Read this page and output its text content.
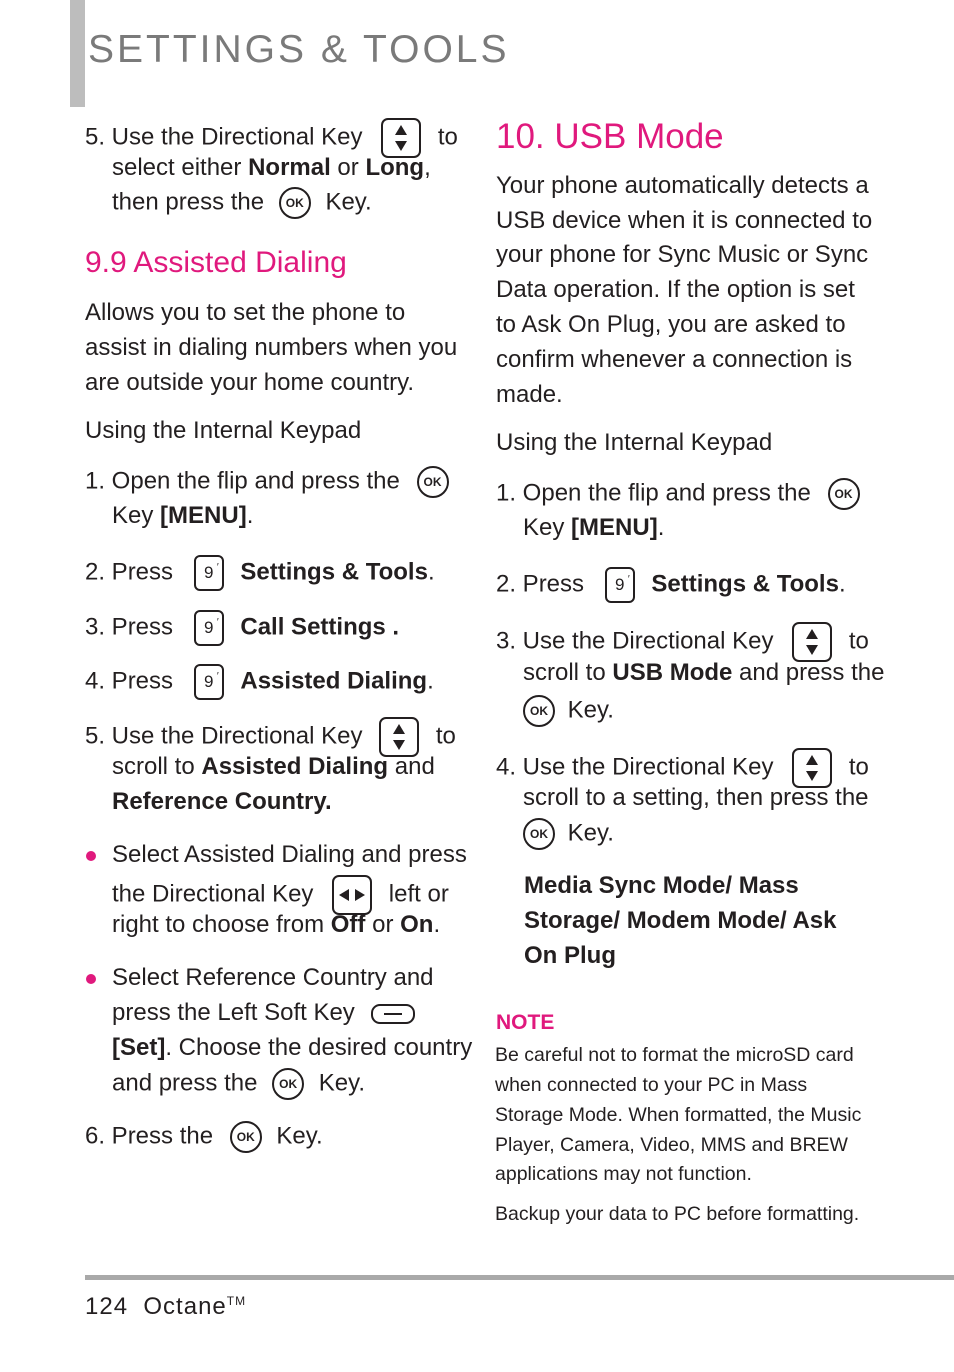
SETTINGS & TOOLS
5. Use the Directional Key	to
select either Normal or Long,
then press the OK Key.
9.9 Assisted Dialing
Allows you to set the phone to
assist in dialing numbers when you
are outside your home country.
Using the Internal Keypad
1. Open the flip and press the OK
Key [MENU].
2. Press 9 ′ Settings & Tools.
3. Press 9 ′ Call Settings .
4. Press 9 ′ Assisted Dialing.
5. Use the Directional Key	to
scroll to Assisted Dialing and
Reference Country.
Select Assisted Dialing and press
the Directional Key	left or
right to choose from Off or On.
Select Reference Country and
press the Left Soft Key
[Set]. Choose the desired country
and press the OK Key.
6. Press the OK Key.
10. USB Mode
Your phone automatically detects a
USB device when it is connected to
your phone for Sync Music or Sync
Data operation. If the option is set
to Ask On Plug, you are asked to
confirm whenever a connection is
made.
Using the Internal Keypad
1. Open the flip and press the OK
Key [MENU].
2. Press 9 ′ Settings & Tools.
3. Use the Directional Key	to
scroll to USB Mode and press the
OK Key.
4. Use the Directional Key	to
scroll to a setting, then press the
OK Key.
Media Sync Mode/ Mass
Storage/ Modem Mode/ Ask
On Plug
NOTE
Be careful not to format the microSD card
when connected to your PC in Mass
Storage Mode. When formatted, the Music
Player, Camera, Video, MMS and BREW
applications may not function.
Backup your data to PC before formatting.
124 Octane™
